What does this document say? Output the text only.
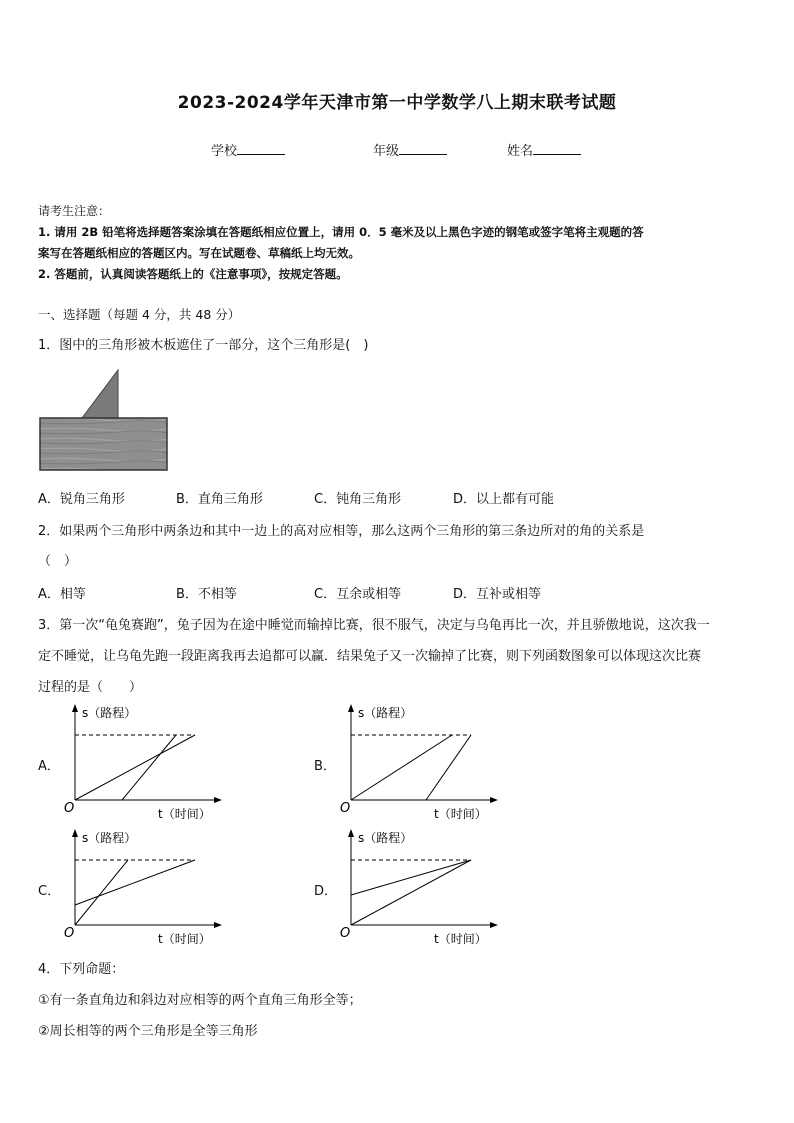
2023-2024学年天津市第一中学数学八上期末联考试题
学校	年级	姓名
请考生注意：
1. 请用 2B 铅笔将选择题答案涂填在答题纸相应位置上，请用 0．5 毫米及以上黑色字迹的钢笔或签字笔将主观题的答
案写在答题纸相应的答题区内。写在试题卷、草稿纸上均无效。
2. 答题前，认真阅读答题纸上的《注意事项》，按规定答题。
一、选择题（每题 4 分，共 48 分）
1．图中的三角形被木板遮住了一部分，这个三角形是(　)
A．锐角三角形	B．直角三角形	C．钝角三角形	D．以上都有可能
2．如果两个三角形中两条边和其中一边上的高对应相等，那么这两个三角形的第三条边所对的角的关系是
（　）
A．相等	B．不相等	C．互余或相等	D．互补或相等
3．第一次“龟兔赛跑”，兔子因为在途中睡觉而输掉比赛，很不服气，决定与乌龟再比一次，并且骄傲地说，这次我一
定不睡觉，让乌龟先跑一段距离我再去追都可以赢．结果兔子又一次输掉了比赛，则下列函数图象可以体现这次比赛
过程的是（　　）
A．	B．
C．	D．
s（路程）
t（时间）
O
s（路程）
t（时间）
O
s（路程）
t（时间）
O
s（路程）
t（时间）
O
4．下列命题：
①有一条直角边和斜边对应相等的两个直角三角形全等；
②周长相等的两个三角形是全等三角形
